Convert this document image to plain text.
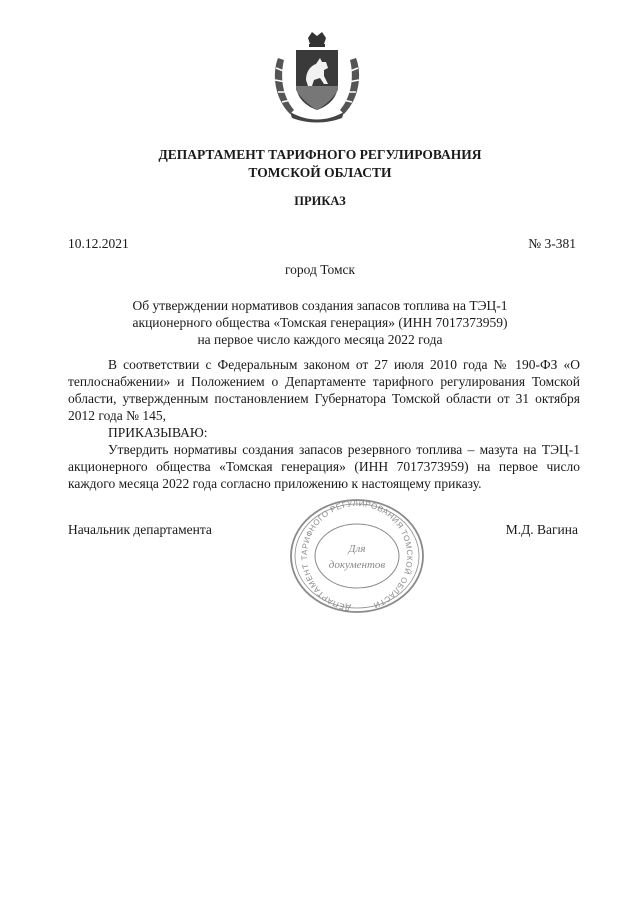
ДЕПАРТАМЕНТ ТАРИФНОГО РЕГУЛИРОВАНИЯ
ТОМСКОЙ ОБЛАСТИ
ПРИКАЗ
10.12.2021	№ 3-381
город Томск
Об утверждении нормативов создания запасов топлива на ТЭЦ-1
акционерного общества «Томская генерация» (ИНН 7017373959)
на первое число каждого месяца 2022 года
В соответствии с Федеральным законом от 27 июля 2010 года № 190-ФЗ «О
теплоснабжении» и Положением о Департаменте тарифного регулирования Томской
области, утвержденным постановлением Губернатора Томской области от 31 октября
2012 года № 145,
ПРИКАЗЫВАЮ:
Утвердить нормативы создания запасов резервного топлива – мазута на ТЭЦ-1
акционерного общества «Томская генерация» (ИНН 7017373959) на первое число
каждого месяца 2022 года согласно приложению к настоящему приказу.
Начальник департамента	М.Д. Вагина
ДЕПАРТАМЕНТ ТАРИФНОГО РЕГУЛИРОВАНИЯ ТОМСКОЙ ОБЛАСТИ
Для
документов
